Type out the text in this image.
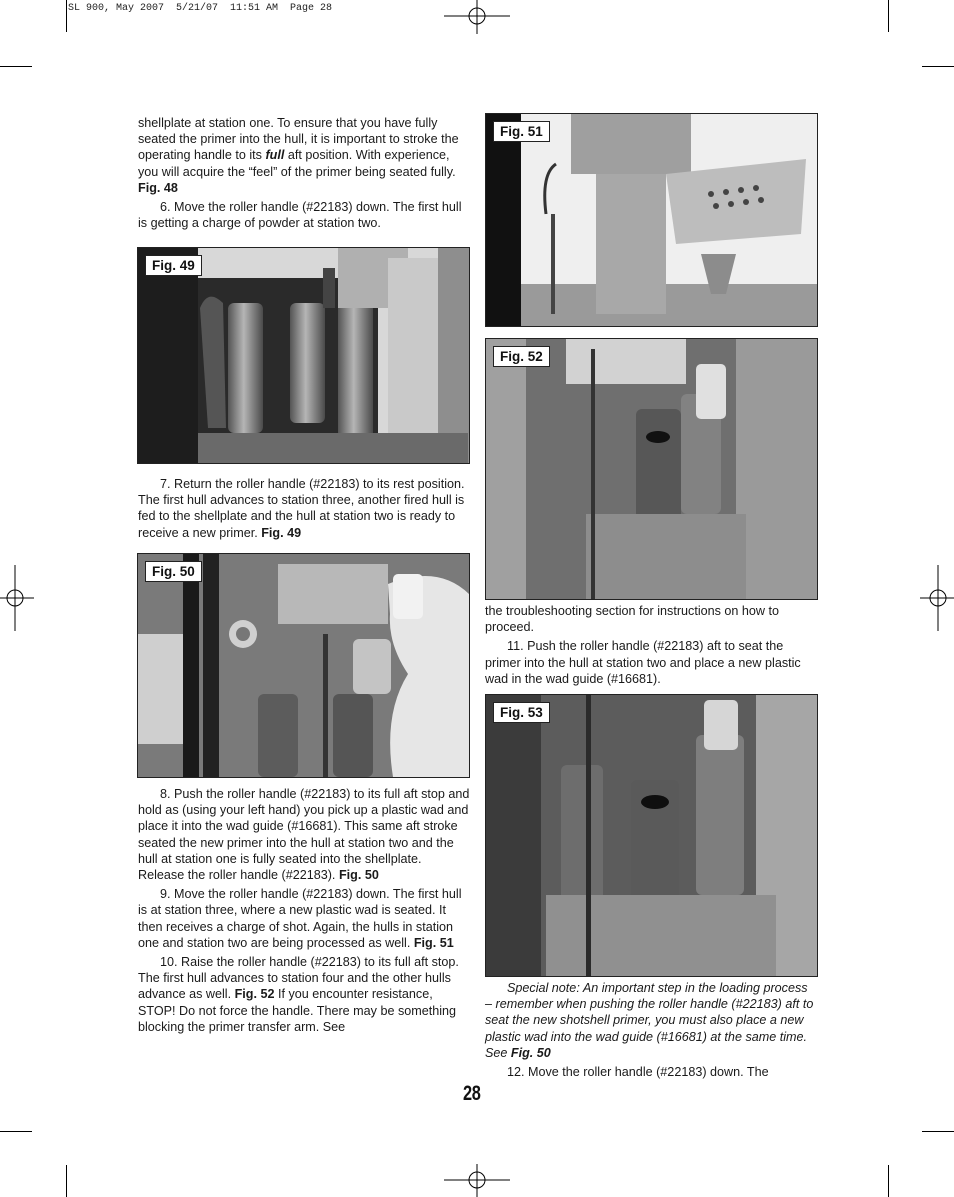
SL 900, May 2007  5/21/07  11:51 AM  Page 28

shellplate at station one. To ensure that you have fully seated the primer into the hull, it is important to stroke the operating handle to its full aft position. With experience, you will acquire the “feel” of the primer being seated fully. Fig. 48

6. Move the roller handle (#22183) down. The first hull is getting a charge of powder at station two.

Fig. 49

7. Return the roller handle (#22183) to its rest position. The first hull advances to station three, another fired hull is fed to the shellplate and the hull at station two is ready to receive a new primer. Fig. 49

Fig. 50

8. Push the roller handle (#22183) to its full aft stop and hold as (using your left hand) you pick up a plastic wad and place it into the wad guide (#16681). This same aft stroke seated the new primer into the hull at station two and the hull at station one is fully seated into the shellplate. Release the roller handle (#22183). Fig. 50

9. Move the roller handle (#22183) down. The first hull is at station three, where a new plastic wad is seated. It then receives a charge of shot. Again, the hulls in station one and station two are being processed as well. Fig. 51

10. Raise the roller handle (#22183) to its full aft stop. The first hull advances to station four and the other hulls advance as well. Fig. 52 If you encounter resistance, STOP! Do not force the handle. There may be something blocking the primer transfer arm. See

Fig. 51
Fig. 52

the troubleshooting section for instructions on how to proceed.

11. Push the roller handle (#22183) aft to seat the primer into the hull at station two and place a new plastic wad in the wad guide (#16681).

Fig. 53

Special note: An important step in the loading process – remember when pushing the roller handle (#22183) aft to seat the new shotshell primer, you must also place a new plastic wad into the wad guide (#16681) at the same time. See Fig. 50

12. Move the roller handle (#22183) down. The

28
